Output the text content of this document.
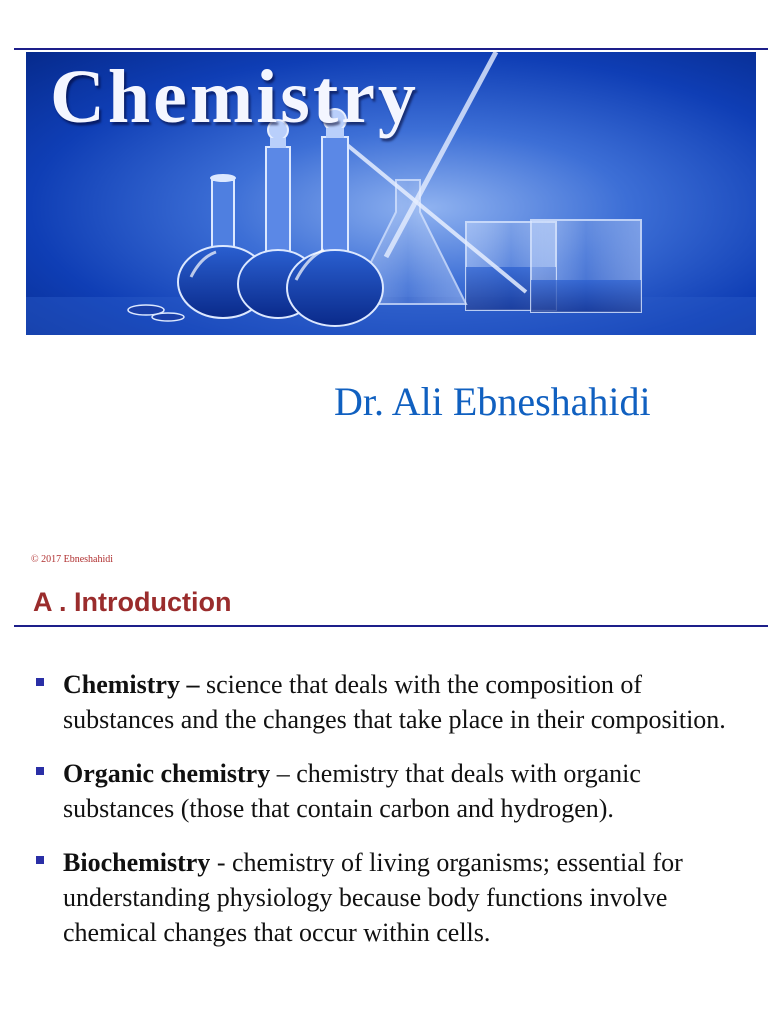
Chemistry
Dr. Ali Ebneshahidi
© 2017 Ebneshahidi
A . Introduction
Chemistry – science that deals with the composition of substances and the changes that take place in their composition.
Organic chemistry – chemistry that deals with organic substances (those that contain carbon and hydrogen).
Biochemistry - chemistry of living organisms; essential for understanding physiology because body functions involve chemical changes that occur within cells.
